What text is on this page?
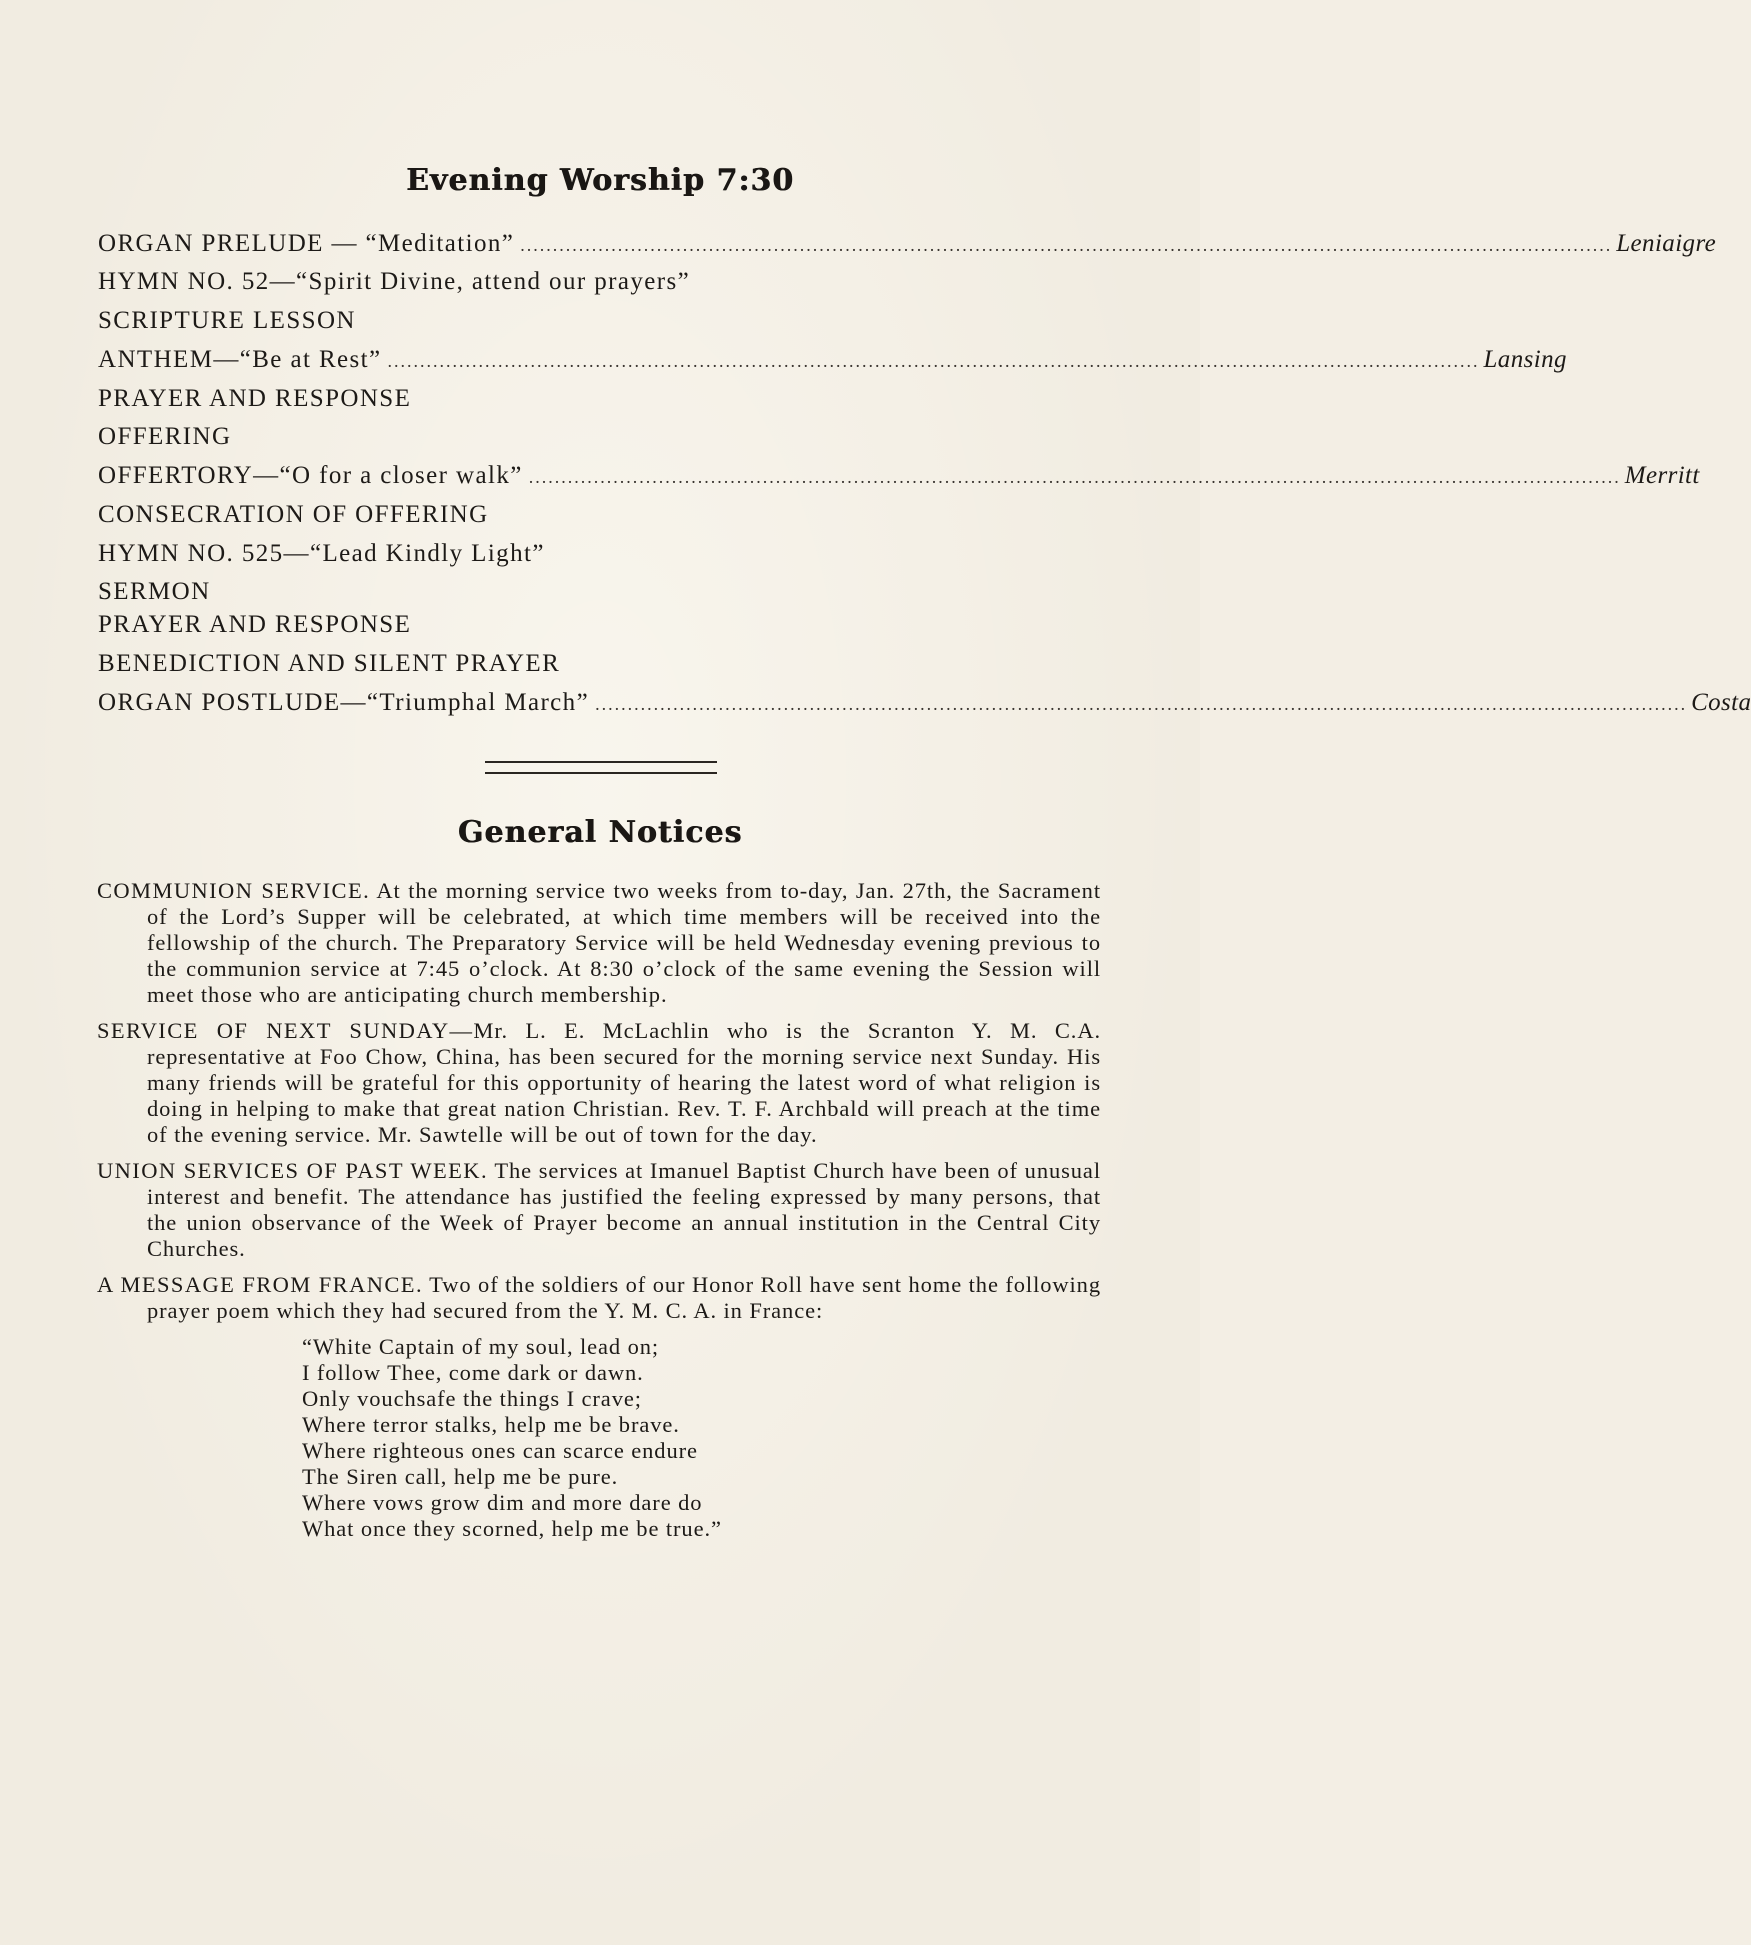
Evening Worship 7:30
ORGAN PRELUDE — “Meditation” ........................................................................................................................................................................ Leniaigre
HYMN NO. 52—“Spirit Divine, attend our prayers”
SCRIPTURE LESSON
ANTHEM—“Be at Rest” ........................................................................................................................................................................ Lansing
PRAYER AND RESPONSE
OFFERING
OFFERTORY—“O for a closer walk” ........................................................................................................................................................................ Merritt
CONSECRATION OF OFFERING
HYMN NO. 525—“Lead Kindly Light”
SERMON
PRAYER AND RESPONSE
BENEDICTION AND SILENT PRAYER
ORGAN POSTLUDE—“Triumphal March” ........................................................................................................................................................................ Costa
General Notices

COMMUNION SERVICE. At the morning service two weeks from to-day, Jan. 27th, the Sacrament of the Lord’s Supper will be celebrated, at which time members will be received into the fellowship of the church. The Preparatory Service will be held Wednesday evening previous to the communion service at 7:45 o’clock. At 8:30 o’clock of the same evening the Session will meet those who are anticipating church membership.

SERVICE OF NEXT SUNDAY—Mr. L. E. McLachlin who is the Scranton Y. M. C.A. representative at Foo Chow, China, has been secured for the morning service next Sunday. His many friends will be grateful for this opportunity of hearing the latest word of what religion is doing in helping to make that great nation Christian. Rev. T. F. Archbald will preach at the time of the evening service. Mr. Sawtelle will be out of town for the day.

UNION SERVICES OF PAST WEEK. The services at Imanuel Baptist Church have been of unusual interest and benefit. The attendance has justified the feeling expressed by many persons, that the union observance of the Week of Prayer become an annual institution in the Central City Churches.

A MESSAGE FROM FRANCE. Two of the soldiers of our Honor Roll have sent home the following prayer poem which they had secured from the Y. M. C. A. in France:

“White Captain of my soul, lead on;
I follow Thee, come dark or dawn.
Only vouchsafe the things I crave;
Where terror stalks, help me be brave.
Where righteous ones can scarce endure
The Siren call, help me be pure.
Where vows grow dim and more dare do
What once they scorned, help me be true.”
